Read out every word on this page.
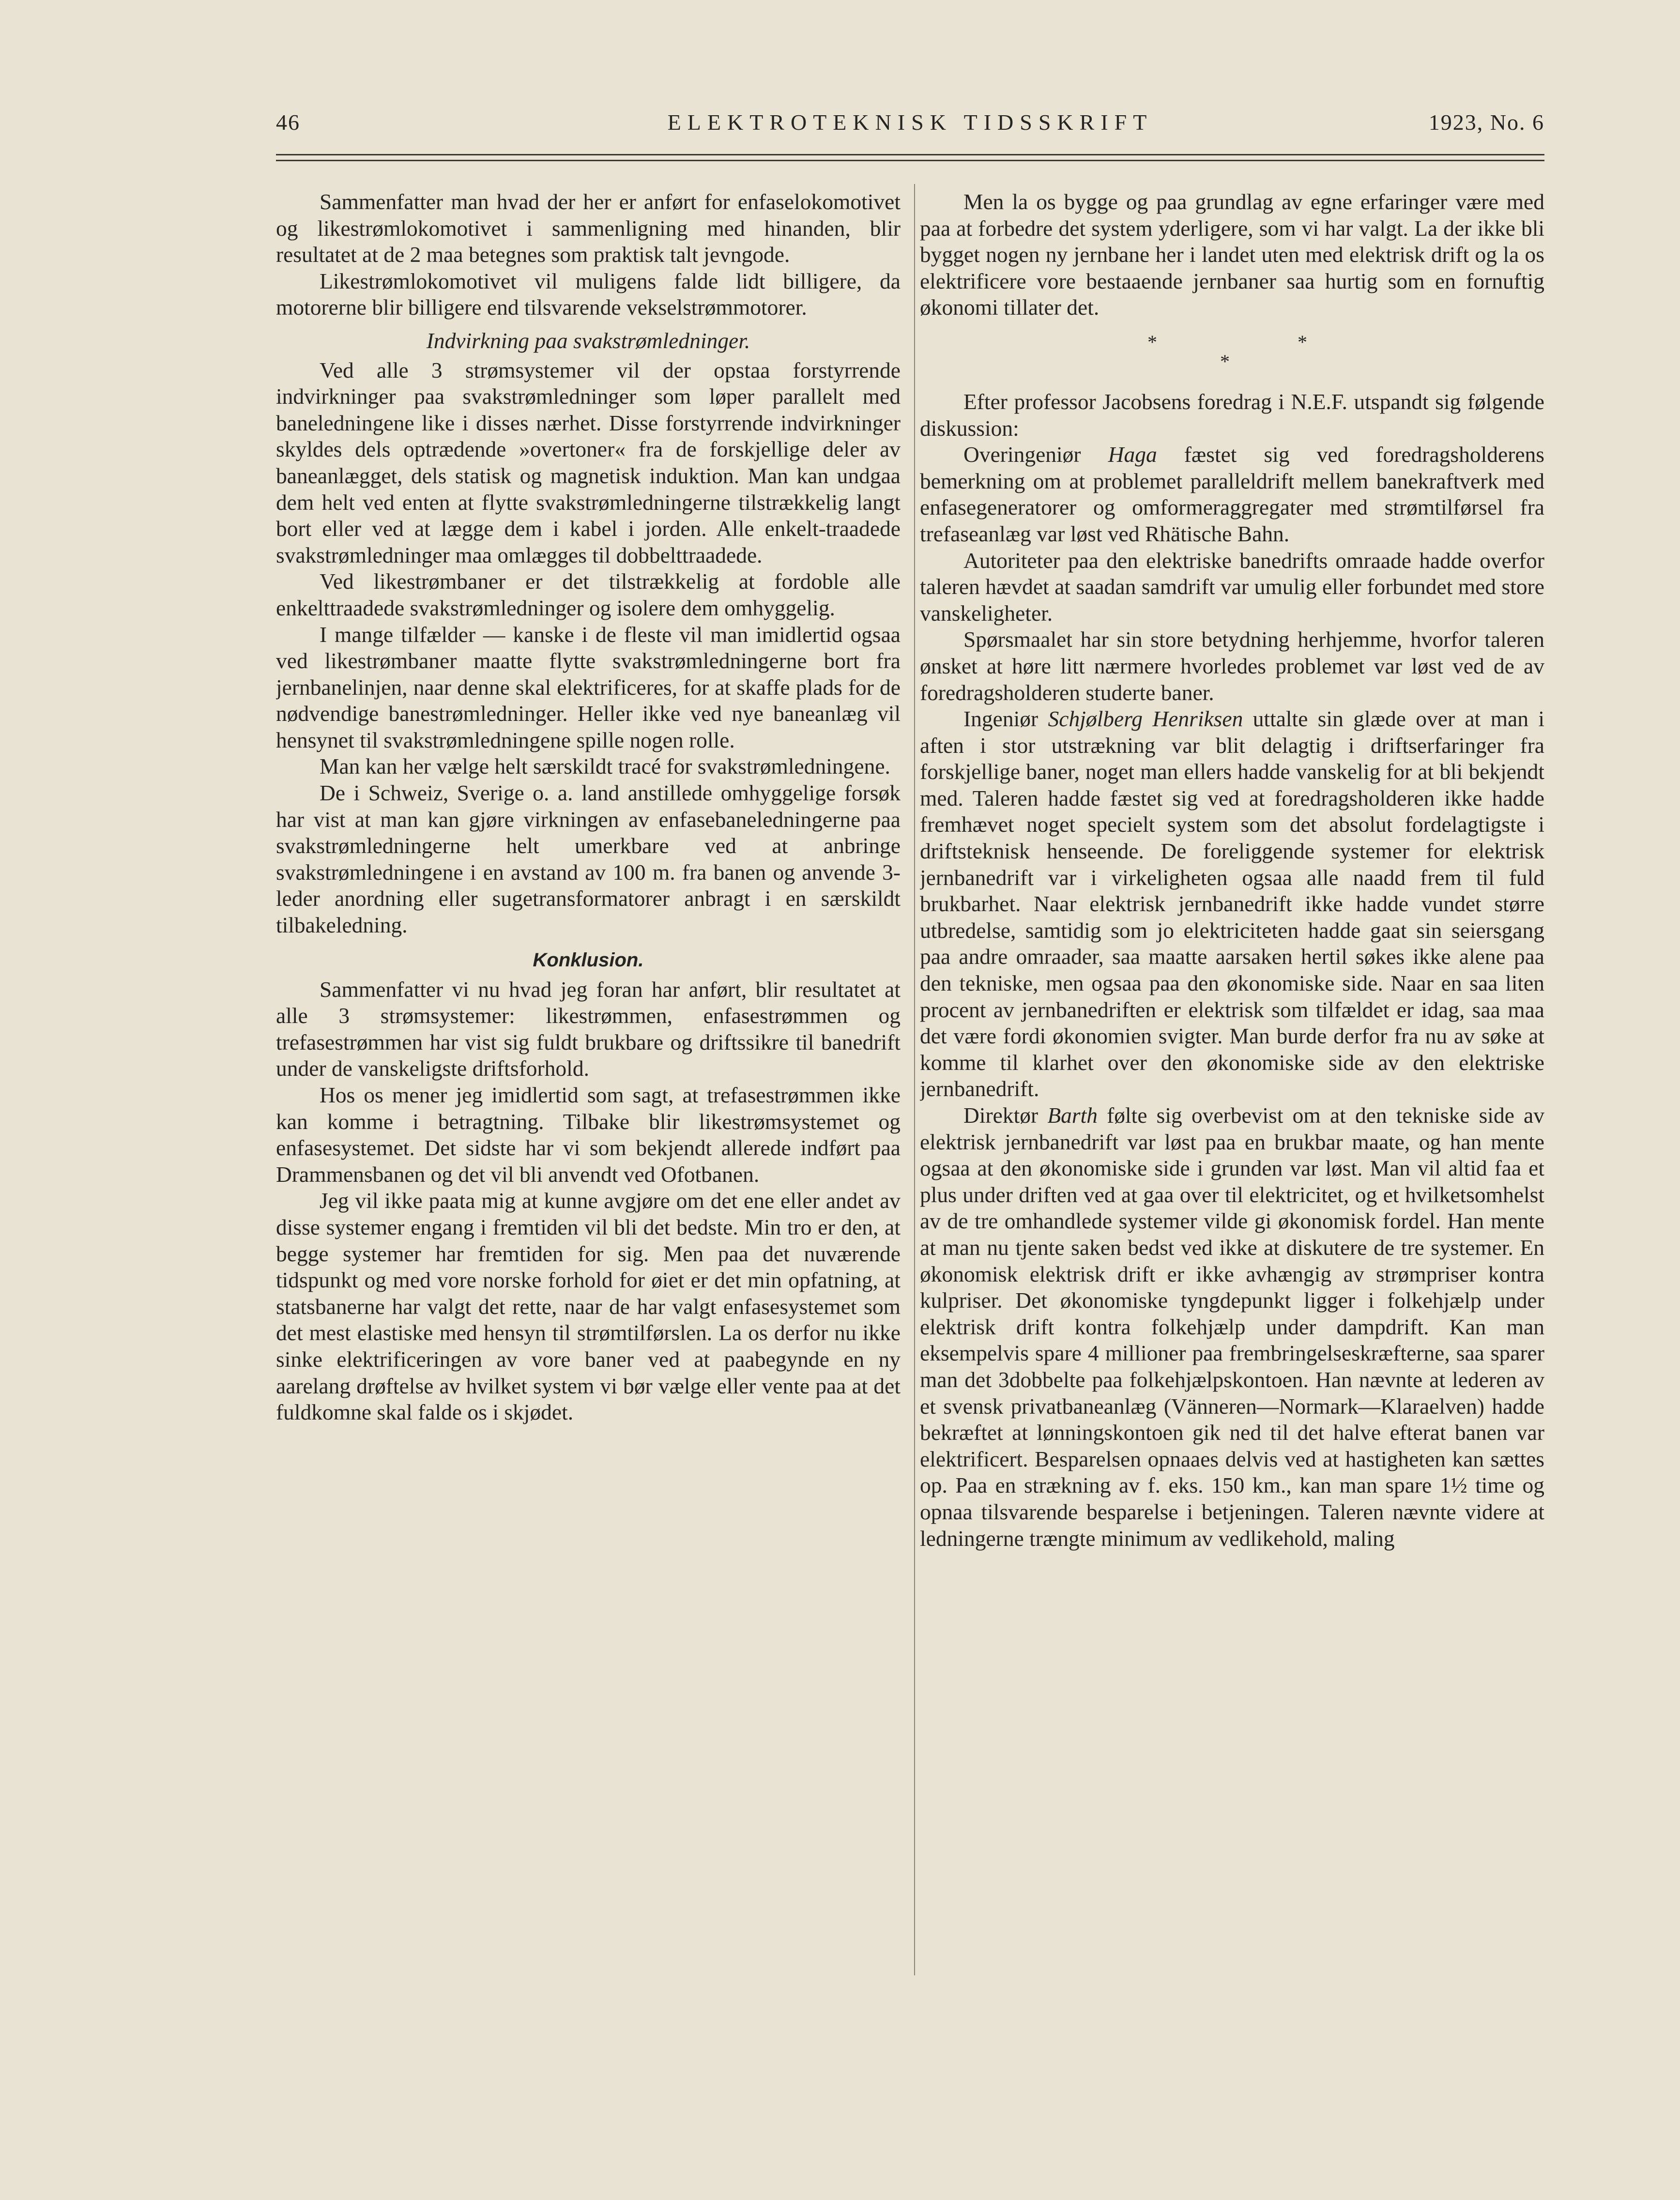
46	ELEKTROTEKNISK TIDSSKRIFT	1923, No. 6

Sammenfatter man hvad der her er anført for enfaselokomotivet og likestrømlokomotivet i sammenligning med hinanden, blir resultatet at de 2 maa betegnes som praktisk talt jevngode.

Likestrømlokomotivet vil muligens falde lidt billigere, da motorerne blir billigere end tilsvarende vekselstrømmotorer.

Indvirkning paa svakstrømledninger.

Ved alle 3 strømsystemer vil der opstaa forstyrrende indvirkninger paa svakstrømledninger som løper parallelt med baneledningene like i disses nærhet. Disse forstyrrende indvirkninger skyldes dels optrædende »overtoner« fra de forskjellige deler av baneanlægget, dels statisk og magnetisk induktion. Man kan undgaa dem helt ved enten at flytte svakstrømledningerne tilstrækkelig langt bort eller ved at lægge dem i kabel i jorden. Alle enkelt-traadede svakstrømledninger maa omlægges til dobbelttraadede.

Ved likestrømbaner er det tilstrækkelig at fordoble alle enkelttraadede svakstrømledninger og isolere dem omhyggelig.

I mange tilfælder — kanske i de fleste vil man imidlertid ogsaa ved likestrømbaner maatte flytte svakstrømledningerne bort fra jernbanelinjen, naar denne skal elektrificeres, for at skaffe plads for de nødvendige banestrømledninger. Heller ikke ved nye baneanlæg vil hensynet til svakstrømledningene spille nogen rolle.

Man kan her vælge helt særskildt tracé for svakstrømledningene.

De i Schweiz, Sverige o. a. land anstillede omhyggelige forsøk har vist at man kan gjøre virkningen av enfasebaneledningerne paa svakstrømledningerne helt umerkbare ved at anbringe svakstrømledningene i en avstand av 100 m. fra banen og anvende 3-leder anordning eller sugetransformatorer anbragt i en særskildt tilbakeledning.

Konklusion.

Sammenfatter vi nu hvad jeg foran har anført, blir resultatet at alle 3 strømsystemer: likestrømmen, enfasestrømmen og trefasestrømmen har vist sig fuldt brukbare og driftssikre til banedrift under de vanskeligste driftsforhold.

Hos os mener jeg imidlertid som sagt, at trefasestrømmen ikke kan komme i betragtning. Tilbake blir likestrømsystemet og enfasesystemet. Det sidste har vi som bekjendt allerede indført paa Drammensbanen og det vil bli anvendt ved Ofotbanen.

Jeg vil ikke paata mig at kunne avgjøre om det ene eller andet av disse systemer engang i fremtiden vil bli det bedste. Min tro er den, at begge systemer har fremtiden for sig. Men paa det nuværende tidspunkt og med vore norske forhold for øiet er det min opfatning, at statsbanerne har valgt det rette, naar de har valgt enfasesystemet som det mest elastiske med hensyn til strømtilførslen. La os derfor nu ikke sinke elektrificeringen av vore baner ved at paabegynde en ny aarelang drøftelse av hvilket system vi bør vælge eller vente paa at det fuldkomne skal falde os i skjødet.

Men la os bygge og paa grundlag av egne erfaringer være med paa at forbedre det system yderligere, som vi har valgt. La der ikke bli bygget nogen ny jernbane her i landet uten med elektrisk drift og la os elektrificere vore bestaaende jernbaner saa hurtig som en fornuftig økonomi tillater det.

*
*
*

Efter professor Jacobsens foredrag i N.E.F. utspandt sig følgende diskussion:

Overingeniør Haga fæstet sig ved foredragsholderens bemerkning om at problemet paralleldrift mellem banekraftverk med enfasegeneratorer og omformeraggregater med strømtilførsel fra trefaseanlæg var løst ved Rhätische Bahn.

Autoriteter paa den elektriske banedrifts omraade hadde overfor taleren hævdet at saadan samdrift var umulig eller forbundet med store vanskeligheter.

Spørsmaalet har sin store betydning herhjemme, hvorfor taleren ønsket at høre litt nærmere hvorledes problemet var løst ved de av foredragsholderen studerte baner.

Ingeniør Schjølberg Henriksen uttalte sin glæde over at man i aften i stor utstrækning var blit delagtig i driftserfaringer fra forskjellige baner, noget man ellers hadde vanskelig for at bli bekjendt med. Taleren hadde fæstet sig ved at foredragsholderen ikke hadde fremhævet noget specielt system som det absolut fordelagtigste i driftsteknisk henseende. De foreliggende systemer for elektrisk jernbanedrift var i virkeligheten ogsaa alle naadd frem til fuld brukbarhet. Naar elektrisk jernbanedrift ikke hadde vundet større utbredelse, samtidig som jo elektriciteten hadde gaat sin seiersgang paa andre omraader, saa maatte aarsaken hertil søkes ikke alene paa den tekniske, men ogsaa paa den økonomiske side. Naar en saa liten procent av jernbanedriften er elektrisk som tilfældet er idag, saa maa det være fordi økonomien svigter. Man burde derfor fra nu av søke at komme til klarhet over den økonomiske side av den elektriske jernbanedrift.

Direktør Barth følte sig overbevist om at den tekniske side av elektrisk jernbanedrift var løst paa en brukbar maate, og han mente ogsaa at den økonomiske side i grunden var løst. Man vil altid faa et plus under driften ved at gaa over til elektricitet, og et hvilketsomhelst av de tre omhandlede systemer vilde gi økonomisk fordel. Han mente at man nu tjente saken bedst ved ikke at diskutere de tre systemer. En økonomisk elektrisk drift er ikke avhængig av strømpriser kontra kulpriser. Det økonomiske tyngdepunkt ligger i folkehjælp under elektrisk drift kontra folkehjælp under dampdrift. Kan man eksempelvis spare 4 millioner paa frembringelseskræfterne, saa sparer man det 3dobbelte paa folkehjælpskontoen. Han nævnte at lederen av et svensk privatbaneanlæg (Vänneren—Normark—Klaraelven) hadde bekræftet at lønningskontoen gik ned til det halve efterat banen var elektrificert. Besparelsen opnaaes delvis ved at hastigheten kan sættes op. Paa en strækning av f. eks. 150 km., kan man spare 1½ time og opnaa tilsvarende besparelse i betjeningen. Taleren nævnte videre at ledningerne trængte minimum av vedlikehold, maling
